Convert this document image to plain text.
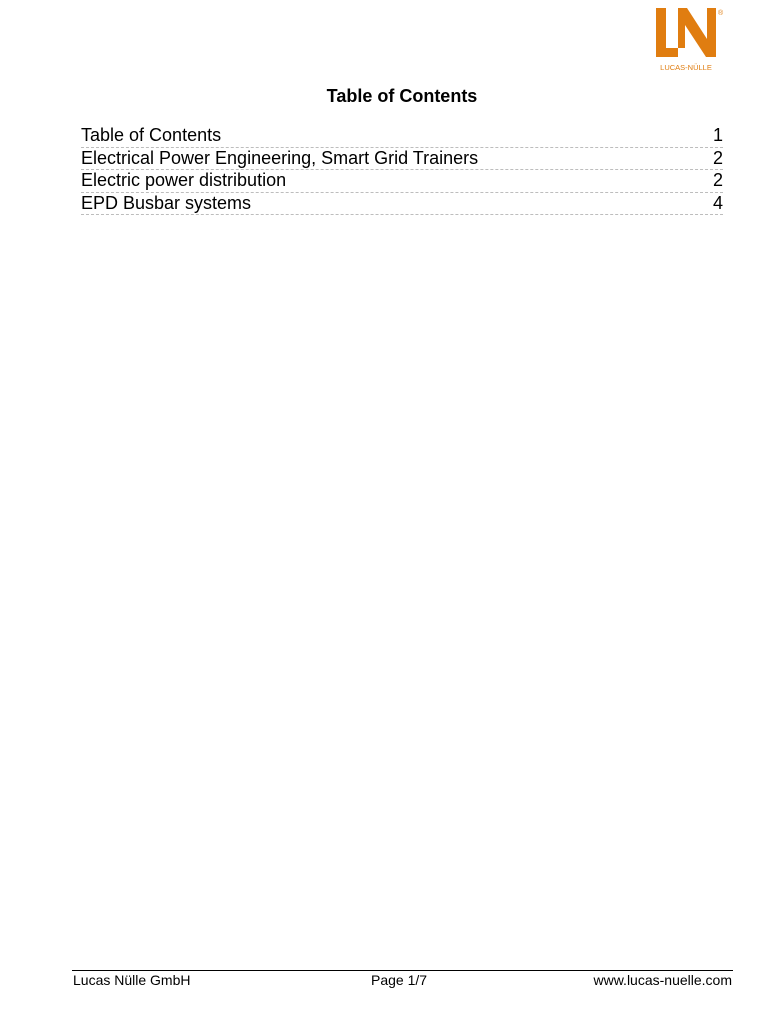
®
LUCAS-NÜLLE
Table of Contents
Table of Contents	1
Electrical Power Engineering, Smart Grid Trainers	2
Electric power distribution	2
EPD Busbar systems	4
Lucas Nülle GmbH	Page 1/7	www.lucas-nuelle.com
